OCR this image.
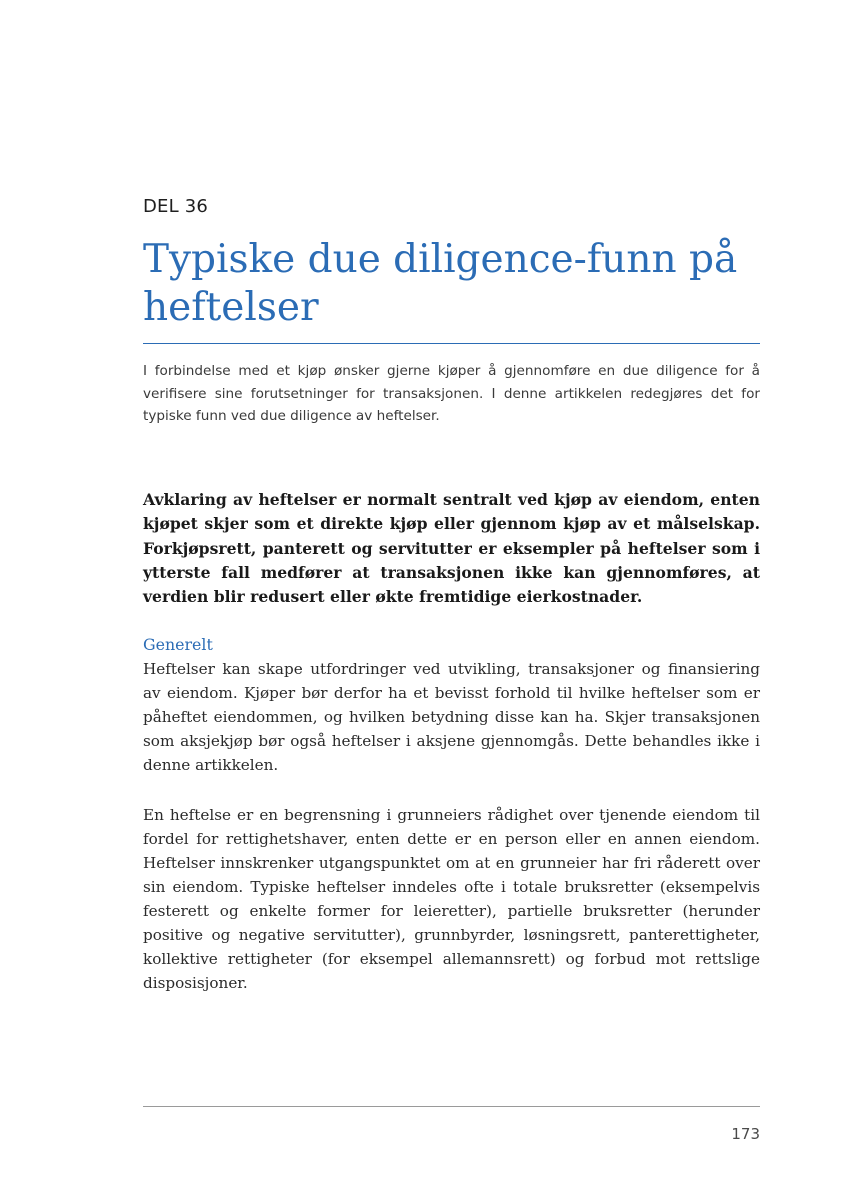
DEL 36
Typiske due diligence-funn på heftelser

I forbindelse med et kjøp ønsker gjerne kjøper å gjennomføre en due diligence for å verifisere sine forutsetninger for transaksjonen. I denne artikkelen redegjøres det for typiske funn ved due diligence av heftelser.

Avklaring av heftelser er normalt sentralt ved kjøp av eiendom, enten kjøpet skjer som et direkte kjøp eller gjennom kjøp av et målselskap. Forkjøpsrett, panterett og servitutter er eksempler på heftelser som i ytterste fall medfører at transaksjonen ikke kan gjennomføres, at verdien blir redusert eller økte fremtidige eierkostnader.

Generelt

Heftelser kan skape utfordringer ved utvikling, transaksjoner og finansiering av eiendom. Kjøper bør derfor ha et bevisst forhold til hvilke heftelser som er påheftet eiendommen, og hvilken betydning disse kan ha. Skjer transaksjonen som aksjekjøp bør også heftelser i aksjene gjennomgås. Dette behandles ikke i denne artikkelen.

En heftelse er en begrensning i grunneiers rådighet over tjenende eiendom til fordel for rettighetshaver, enten dette er en person eller en annen eiendom. Heftelser innskrenker utgangspunktet om at en grunneier har fri råderett over sin eiendom. Typiske heftelser inndeles ofte i totale bruksretter (eksempelvis festerett og enkelte former for leieretter), partielle bruksretter (herunder positive og negative servitutter), grunnbyrder, løsningsrett, panterettigheter, kollektive rettigheter (for eksempel allemannsrett) og forbud mot rettslige disposisjoner.

173
